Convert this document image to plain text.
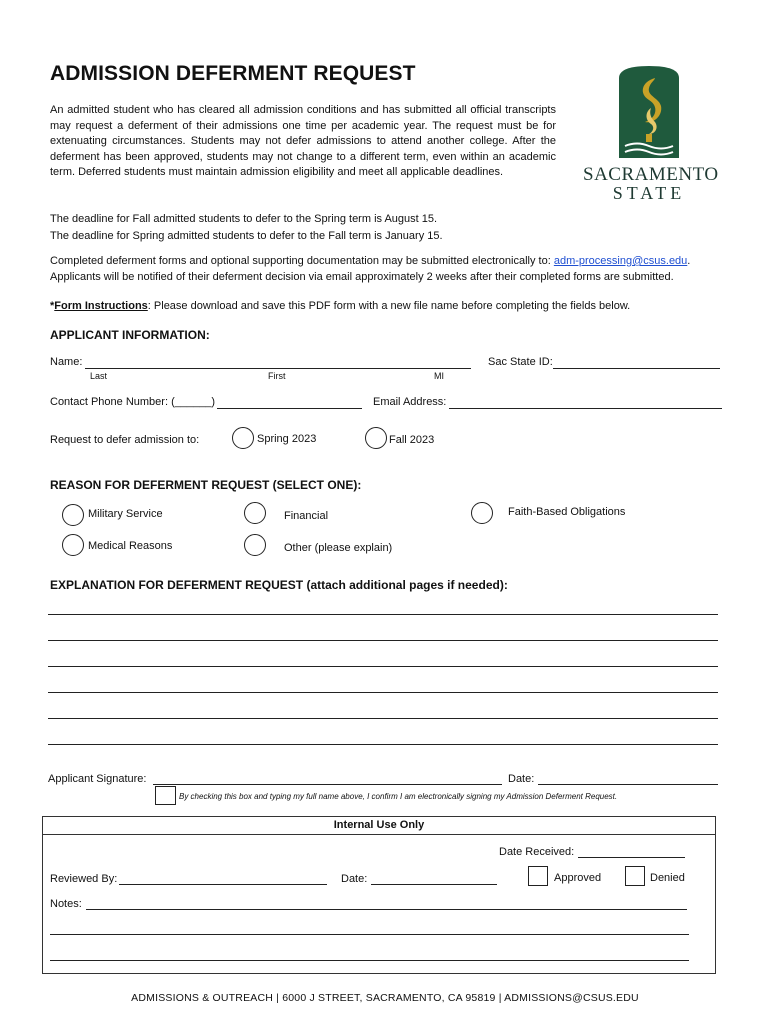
ADMISSION DEFERMENT REQUEST
An admitted student who has cleared all admission conditions and has submitted all official transcripts may request a deferment of their admissions one time per academic year. The request must be for extenuating circumstances. Students may not defer admissions to attend another college. After the deferment has been approved, students may not change to a different term, even within an academic term. Deferred students must maintain admission eligibility and meet all applicable deadlines.	SACRAMENTO
STATE
The deadline for Fall admitted students to defer to the Spring term is August 15.
The deadline for Spring admitted students to defer to the Fall term is January 15.
Completed deferment forms and optional supporting documentation may be submitted electronically to: adm-processing@csus.edu.
Applicants will be notified of their deferment decision via email approximately 2 weeks after their completed forms are submitted.
*Form Instructions: Please download and save this PDF form with a new file name before completing the fields below.
APPLICANT INFORMATION:
Name:
Last	First	MI
Sac State ID:
Contact Phone Number: (______)	Email Address:
Request to defer admission to:	Spring 2023	Fall 2023
REASON FOR DEFERMENT REQUEST (SELECT ONE):
Military Service	Financial	Faith-Based Obligations
Medical Reasons	Other (please explain)
EXPLANATION FOR DEFERMENT REQUEST (attach additional pages if needed):
Applicant Signature:	Date:
By checking this box and typing my full name above, I confirm I am electronically signing my Admission Deferment Request.
Internal Use Only
Date Received:
Reviewed By:	Date:	Approved	Denied
Notes:
ADMISSIONS & OUTREACH | 6000 J STREET, SACRAMENTO, CA 95819 | ADMISSIONS@CSUS.EDU
